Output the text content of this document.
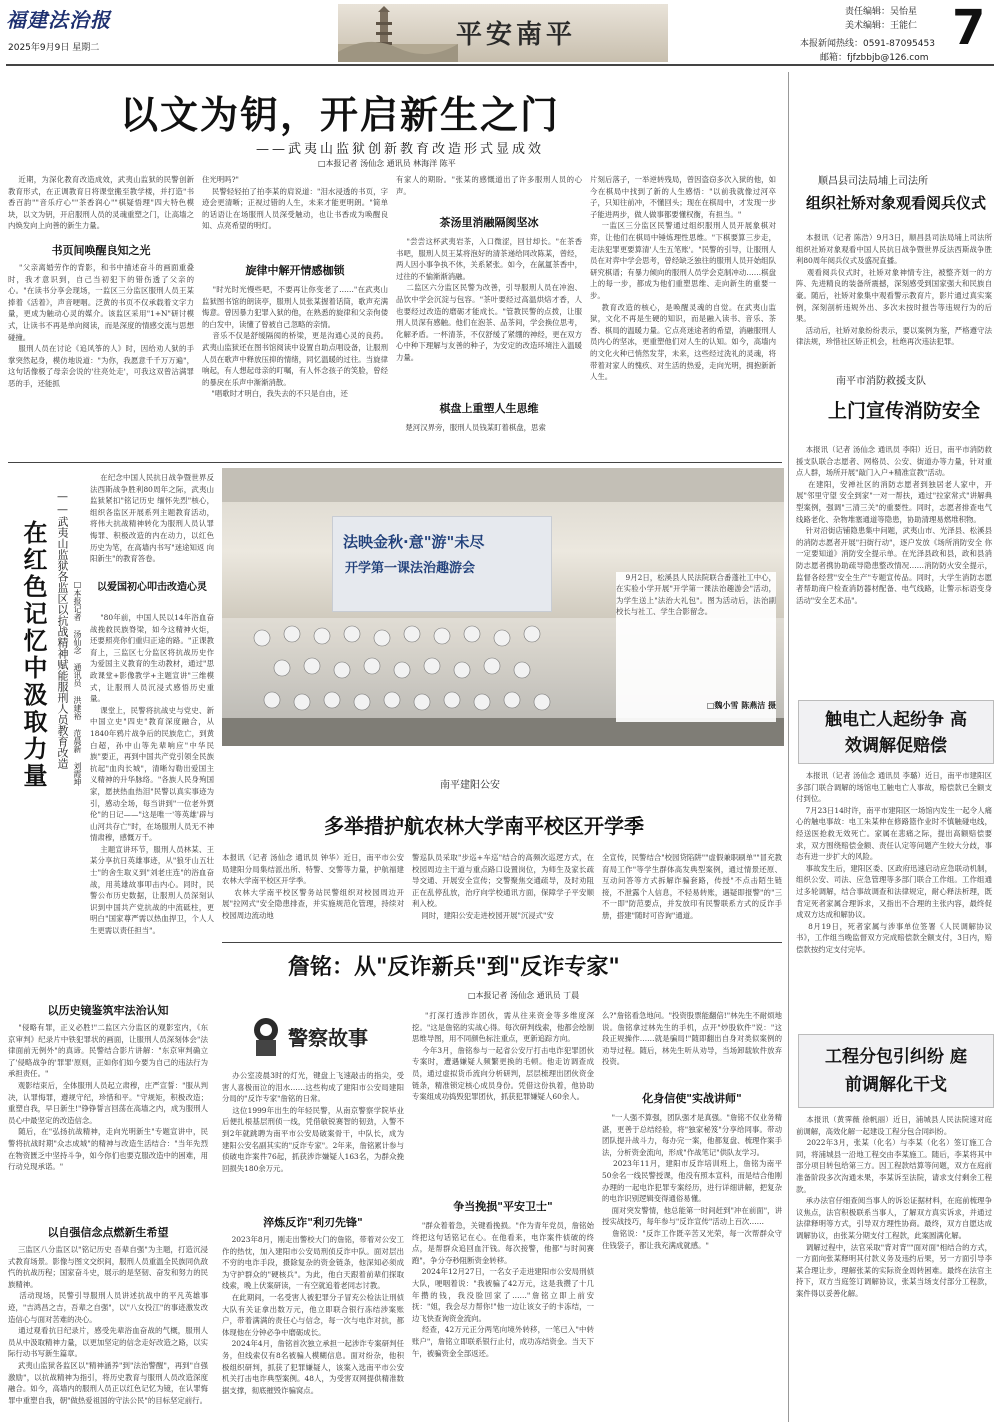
福建法治报
2025年9月9日 星期二	平安南平
责任编辑：吴怡星
美术编辑：王能仁 7
本报新闻热线：0591-87095453
邮箱：fjfzbbjb@126.com
以文为钥，开启新生之门
——武夷山监狱创新教育改造形式显成效
□本报记者 汤仙念 通讯员 林海洋 陈平
近期，为深化教育改造成效，武夷山监狱的民警创新教育形式，在正调教育日将课堂搬至教学楼，并打造"书香百韵""音乐疗心""茶香润心""棋疑悟理"四大特色模块，以文为钥，开启服刑人员的灵魂重塑之门，让高墙之内焕发向上向善的新生力量。
书页间唤醒良知之光
"父亲离婚劳作的背影，和书中描述奋斗的画面重叠时，我才意识到，自己当初犯下的错伤透了父亲的心。"在读书分享会现场，一监区三分监区服刑人员王某捧着《活着》，声音哽咽。泛黄的书页不仅承载着文字力量，更成为触动心灵的媒介。该监区采用"1+N"研讨模式，让读书不再是单向阅读，而是深度的情感交流与思想碰撞。
服刑人员在讨论《追风筝的人》时，因给劝人狱的手掌突然起身，模仿地说道："为你，我愿意千千万万遍"，这句话像极了母亲会说的'往亮处走'，可我这双曾沾满罪恶的手，还能抓
住光明吗?"
民警轻轻拍了拍李某的肩说道："泪水浸透的书页，字迹会更清晰；正视过错的人生，未来才能更明朗。"简单的话语让在场服刑人员深受触动，也让书香成为唤醒良知、点亮希望的明灯。
旋律中解开情感枷锁
"时光时光慢些吧，不要再让你变老了……"在武夷山监狱图书馆的朗读亭，服刑人员张某握着话筒，歌声充满悔意。曾因暴力犯罪入狱的他，在熟悉的旋律和父亲佝偻的白发中，读懂了曾被自己忽略的亲情。
音乐不仅是舒缓隔阂的桥梁，更是沟通心灵的良药。武夷山监狱还在图书馆阅读中设置自助点唱设备，让服刑人员在歌声中释放压抑的情绪，同忆温暖的过往。当旋律响起，有人想起母亲的叮嘱，有人怀念孩子的笑脸，曾经的暴戾在乐声中渐渐消散。
"唱歌时才明白，我失去的不只是自由，还
有家人的期盼。"张某的感慨道出了许多服刑人员的心声。
茶汤里消融隔阂坚冰
"尝尝这杯武夷岩茶，入口微涩，回甘却长。"在茶香书吧，服刑人员王某将泡好的清茶递给同改陈某，曾经，两人因小事争执不休，关系紧张。如今，在氤氲茶香中，过往的不愉渐渐消融。
二监区六分监区民警为改善，引导服刑人员在冲泡、品饮中学会沉淀与包容。"茶叶要经过高温烘焙才香，人也要经过改造的磨砺才能成长。"管教民警的点拨，让服刑人员深有感触。他们在泡茶、品茶间，学会换位思考，化解矛盾。一杯清茶，不仅舒缓了紧绷的神经，更在双方心中种下理解与友善的种子，为安定的改造环境注入温暖力量。
棋盘上重塑人生思维
楚河汉界旁，服刑人员钱某盯着棋盘，思索
片刻后落子，一举逆转残局，曾因盗窃多次入狱的他，如今在棋局中找到了新的人生感悟："以前我就像过河卒子，只知往前冲，不懂回头；现在在棋局中，才发现一步子能进两步，做人做事都要懂权衡，有担当。"
一监区三分监区民警通过组织服刑人员开展象棋对弈，让他们在棋局中锤炼理性思维。"下棋要算三步走，走法犯罪更要算清'人生五笔账'。"民警的引导，让服刑人员在对弈中学会思考，曾经缺乏独往的服刑人员开始组队研究棋谱；有暴力倾向的服刑人员学会克制冲动……棋盘上的每一步，都成为他们重塑思维、走向新生的重要一步。
教育改造的核心，是唤醒灵魂的自觉。在武夷山监狱，文化不再是生硬的知识，而是融入读书、音乐、茶香、棋局的温暖力量。它点亮迷途者的希望，消融服刑人员内心的坚冰，更重塑他们对人生的认知。如今，高墙内的文化火种已悄然发芽，未来，这些经过洗礼的灵魂，将带着对家人的愧疚、对生活的热爱，走向光明，拥抱新新人生。
在红色记忆中汲取力量 ——武夷山监狱各监区以抗战精神赋能服刑人员教育改造 □本报记者 汤仙念 通讯员 洪建裕 范晨新 刘霞坤
在纪念中国人民抗日战争暨世界反法西斯战争胜利80周年之际，武夷山监狱紧扣"铭记历史 缅怀先烈"核心，组织各监区开展系列主题教育活动，将伟大抗战精神转化为服刑人员认罪悔罪、积极改造的内在动力，以红色历史为笔，在高墙内书写"迷途知返 向阳新生"的教育答卷。
以爱国初心叩击改造心灵
"80年前，中国人民以14年浴血奋战挽救民族脊梁，如今这精神火炬，还要照亮你们重归正途的路。"正课教育上，三监区七分监区将抗战历史作为爱国主义教育的生动教材，通过"思政课堂+影像教学+主题宣讲"三维模式，让服刑人员沉浸式感悟历史重量。
课堂上，民警将抗战史与党史、新中国立史"四史"教育深度融合，从1840年鸦片战争后的民族危亡，到黄白超，孙中山等先辈响应"中华民族"要正，再到中国共产党引领全民族抗起"血肉长城"，清晰勾勒出爱国主义精神的升华脉络。"各族人民身殉国家，愿挟热血热泪"民警以真实事迹为引，感动全场，每当讲到"一位老外贾伦"的日记——"这是唯一'等英雄'辟与山河共存亡"时，在场服刑人员无不神情肃穆，感慨万千。
主题宣讲环节，服刑人员林某、王某分享抗日英雄事迹，从"狼牙山五壮士"的舍生取义到"刘老庄连"的浴血奋战，用英雄故事叩击内心。同时，民警公布历史数据，让服刑人员深刻认识到中国共产党抗战的中流砥柱，更明白"国家尊严需以热血捍卫，个人人生更需以责任担当"。
以历史镜鉴筑牢法治认知
"侵略有罪，正义必胜!"二监区六分监区的观影室内，《东京审判》纪录片中铁犯罪状的画面，让服刑人员深刻体会"法律面前无例外"的真谛。民警结合影片讲解："东京审判确立了'侵略战争的'罪罪'原则，正如你们如今要为自己的违法行为承担责任。"
观影结束后，全体服刑人员起立肃穆，庄严宣誓："服从判决，认罪悔罪，遵规守纪，珍惜和平。"守规矩，积极改造；重塑自我，早日新生!"铮铮誓言回荡在高墙之内，成为服刑人员心中最坚定的改造信念。
随后，在"弘扬抗战精神，走向光明新生"专题宣讲中，民警将抗战时期"众志成城"的精神与改造生活结合："当年先烈在物资匮乏中坚持斗争，如今你们也要克服改造中的困难，用行动兑现承诺。"
以自强信念点燃新生希望
三监区八分监区以"铭记历史 吾辈自强"为主题，打造沉浸式教育场景。影像与图文交织间，服刑人员重温全民族同仇敌忾的抗战历程；国家奋斗史，展示的是坚韧、奋发和努力的民族精神。
活动现场，民警引导服刑人员讲述抗战中的平凡英雄事迹，"吉鸿昌之吉，吾辈之自强"，以"八女投江"的事迹激发改造信心与面对苦难的决心。
通过观看抗日纪录片，感受先辈浴血奋战的气概，服刑人员从中汲取精神力量，以更加坚定的信念走好改造之路，以实际行动书写新生篇章。
武夷山监狱各监区以"精神涵养"到"法治警醒"，再到"自强激励"，以抗战精神为指引，将历史教育与服刑人员改造深度融合。如今，高墙内的服刑人员正以红色记忆为镜，在认罪悔罪中重塑自我，朝"做热爱祖国的守法公民"的目标坚定前行。
法映金秋·意"游"未尽
开学第一课法治趣游会
9月2日，松溪县人民法院联合番蓬社工中心，在实验小学开展"开学第一课法治趣游会"活动，为学生送上"法治大礼包"。图为活动后，法治副校长与社工、学生合影留念。
□魏小雪 陈燕洁 摄
南平建阳公安
多举措护航农林大学南平校区开学季
本报讯（记者 汤仙念 通讯员 钟华）近日，南平市公安局建阳分局集结派出所、特警、交警等力量，护航福建农林大学南平校区开学季。
农林大学南平校区警务站民警组织对校园周边开展"拉网式"安全隐患排查，并实施规范化管理，持续对校园周边流动地
警巡队员采取"步巡+车巡"结合的高频次巡逻方式，在校园周边主干道与重点路口设置岗位，为师生及家长疏导交通、开展安全宣传；交警聚焦交通疏导，及时劝阻正在乱停乱放，治疗向学校通讯方面，保障学子平安顺利入校。
同时，建阳公安走进校园开展"沉浸式"安
全宣传，民警结合"校园贷陷阱""虚假兼职刷单""冒充教育局工作"等学生群体高发典型案例，通过情景还原、互动问答等方式拆解诈骗套路，传授"不点击陌生链接，不泄露个人信息，不轻易转账，遇疑即报警"的"三不一即"防范要点，并发放印有民警联系方式的反诈手册，搭建"随时可咨询"通道。
詹铭：从"反诈新兵"到"反诈专家"
□本报记者 汤仙念 通讯员 丁晨
警察故事
办公室凌晨3时的灯光，键盘上飞速敲击的指尖，受害人喜极而泣的泪水……这些构成了建阳市公安局建阳分局的"反诈专家"詹铭的日常。
这位1999年出生的年轻民警，从南京警察学院毕业后便扎根基层刑侦一线，凭借敏锐赛智的韧劲，入警不到2年就跳聘为南平市公安局破案骨干，中队长，成为建阳公安名副其实的"反诈专家"。2年来，詹铭累计参与侦破电诈案件76起，抓获涉诈嫌疑人163名，为群众挽回损失180余万元。
淬炼反诈"利刃先锋"
2023年8月，刚走出警校大门的詹铭，带着对公安工作的热忱，加入建阳市公安局刑侦反诈中队。面对层出不穷的电诈手段，摄除复杂的资金链条，他深知必须成为守护群众的"硬核兵"。为此，他白天跟着前辈们探取线索，晚上伏案研读，一有空就追着老同志讨教。
在此期间，一名受害人被犯罪分子冒充公检法让刑侦大队有关证拿出数万元，他立即联合银行冻结涉案账户，带着满满的责任心与信念，每一次与电诈对抗，都体现他在分钟必争中磨砺成长。
2024年4月，詹铭首次独立承担一起涉诈专案研判任务，但线索仅有8名被骗人模糊信息。面对纷杂，他积极组织研判，抓获了犯罪嫌疑人，该案入选南平市公安机关打击电诈典型案例。48人，为受害双网提供精准数据支撑，彻底摧毁诈骗窝点。
"打深打透涉诈团伙，需从往来资金等多维度深挖。"这是詹铭的实战心得。每次研判线索，他都会绘制思维导图，用不同颜色标注重点，更新追踪方向。
今年3月，詹铭参与一起省公安厅打击电诈犯罪团伙专案时，遭遇嫌疑人频繁更换的毛顿。他走访调查成员，通过虚拟货币流向分析研判，层层梳理出团伙资金链条，精准锁定核心成员身份。凭借这份执着，他协助专案组成功捣毁犯罪团伙，抓获犯罪嫌疑人60余人。
争当挽损"平安卫士"
"群众着着急，关键看挽损。"作为青年党员，詹铭始终把这句话铭记在心。在他看来，电诈案件侦破的终点，是帮群众追回血汗钱。每次接警，他都"与时间赛跑"，争分夺秒阻断资金转移。
2024年12月27日，一名女子走进建阳市公安局刑侦大队，哽咽着说："我被骗了42万元，这是我攒了十几年攒的钱，我没脸回家了……"詹铭立即上前安抚："姐，我会尽力帮你!"他一边让该女子的卡冻结，一边飞快查询资金流向。
经查，42万元正分两笔向境外转移，一笔已入"中转账户"，詹铭立即联系银行止付，成功冻结资金。当天下午，被骗资金全部返还。
么?"詹铭看急地问。"投资股票能翻倍!"林先生不耐烦地说。詹铭拿过林先生的手机，点开"炒股软件"说："这段正规操作……就是骗局!"随即翻出自身对类似案例的劝导过程。随后，林先生听从劝导，当场卸载软件放弃投资。
化身信使"实战讲师"
"一人强不算强，团队强才是真强。"詹铭不仅业务精湛，更善于总结经验，将"独家秘笈"分享给同事。带动团队提升战斗力，每办完一案，他都复盘、梳理作案手法，分析资金流向，形成"作战笔记"供队友学习。
2023年11月，建阳市反诈培训班上，詹铭为南平50余名一线民警授课，他没有照本宣科，而是结合他刚办理的一起电诈犯罪专案经历，进行详细讲解，把复杂的电诈识别逻辑变得通俗易懂。
面对突发警情，他总能第一时间赶到"冲在前面"，讲授实战技巧，每年参与"反诈宣传"活动上百次……
詹铭说："反诈工作既辛苦又光荣，每一次帮群众守住钱袋子，都让我充满成就感。"
顺昌县司法局埔上司法所
组织社矫对象观看阅兵仪式
本报讯（记者 陈浩）9月3日，顺昌县司法局埔上司法所组织社矫对象观看中国人民抗日战争暨世界反法西斯战争胜利80周年阅兵仪式及盛况直播。
观看阅兵仪式时，社矫对象神情专注，被整齐划一的方阵、先进精良的装备所震撼，深刻感受到国家强大和民族自豪。随后，社矫对象集中观看警示教育片，影片通过真实案例，深刻剖析违规外出、多次未按时报告等违规行为的后果。
活动后，社矫对象纷纷表示，要以案例为鉴，严格遵守法律法规，珍惜社区矫正机会，杜绝再次违法犯罪。
南平市消防救援支队
上门宣传消防安全
本报讯（记者 汤仙念 通讯员 李阳）近日，南平市消防救援支队联合志愿者、网格员、公安、街道办等力量，针对重点人群，场所开展"敲门入户+精准宣教"活动。
在建阳，安禅社区的消防志愿者到独居老人家中，开展"邻里守望 安全到家"一对一帮扶，通过"拉家常式"讲解典型案例，强调"三清三关"的重要性。同时，志愿者排查电气线路老化、杂物堆塞通道等隐患，协助清理易燃堆积物。
针对沿街店铺隐患集中问题，武夷山市、光泽县、松溪县的消防志愿者开展"扫街行动"，逐户发放《场所消防安全 你一定要知道》消防安全提示单。在光泽县政和县，政和县消防志愿者携协助疏导隐患整改情况……消防防火安全提示，监督各经营"安全生产"专题宣传品。同时，大学生消防志愿者帮助商户检查消防器材配备、电气线路，让警示标语变身活动"安全艺术品"。
触电亡人起纷争 高效调解促赔偿
本报讯（记者 汤仙念 通讯员 李璐）近日，南平市建阳区多部门联合调解的场馆电工触电亡人事故，赔偿款已全额支付到位。
7月23日14时许，南平市建阳区一场馆内发生一起令人痛心的触电事故：电工朱某伸在修路篮作业时不慎触碰电线，经送医抢救无效死亡。家属在悲痛之际，提出高额赔偿要求，双方围绕赔偿金额、责任认定等问题产生较大分歧，事态有进一步扩大的风险。
事故发生后，建阳区委、区政府迅速启动应急联动机制，组织公安、司法、应急管理等多部门联合工作组。工作组通过多轮调解，结合事故调查和法律规定，耐心释法析理，既肯定死者家属合理诉求，又指出不合理的主张内容，最终促成双方达成和解协议。
8月19日，死者家属与涉事单位签署《人民调解协议书》，工作组当晚监督双方完成赔偿款全额支付，3日内，赔偿款按约定支付完毕。
工程分包引纠纷 庭前调解化干戈
本报讯（黄霁薇 徐帆丽）近日，浦城县人民法院速对庭前调解，高效化解一起建设工程分包合同纠纷。
2022年3月，张某（化名）与李某（化名）签订施工合同，将浦城县一沿地工程交由李某施工。随后，李某将其中部分项目转包给第三方。因工程款结算等问题，双方在庭前准备阶段多次沟通未果，李某诉至法院，请求支付剩余工程款。
承办法官仔细查阅当事人的诉讼证据材料，在庭前梳理争议焦点，法官积极联系当事人，了解双方真实诉求，并通过法律释明等方式，引导双方理性协商。最终，双方自愿达成调解协议，由张某分期支付工程款，此案圆满化解。
调解过程中，法官采取"背对背""面对面"相结合的方式，一方面向张某释明其付款义务及违约后果，另一方面引导李某合理让步，理解张某的实际资金周转困难。最终在法官主持下，双方当庭签订调解协议，张某当场支付部分工程款，案件得以妥善化解。
